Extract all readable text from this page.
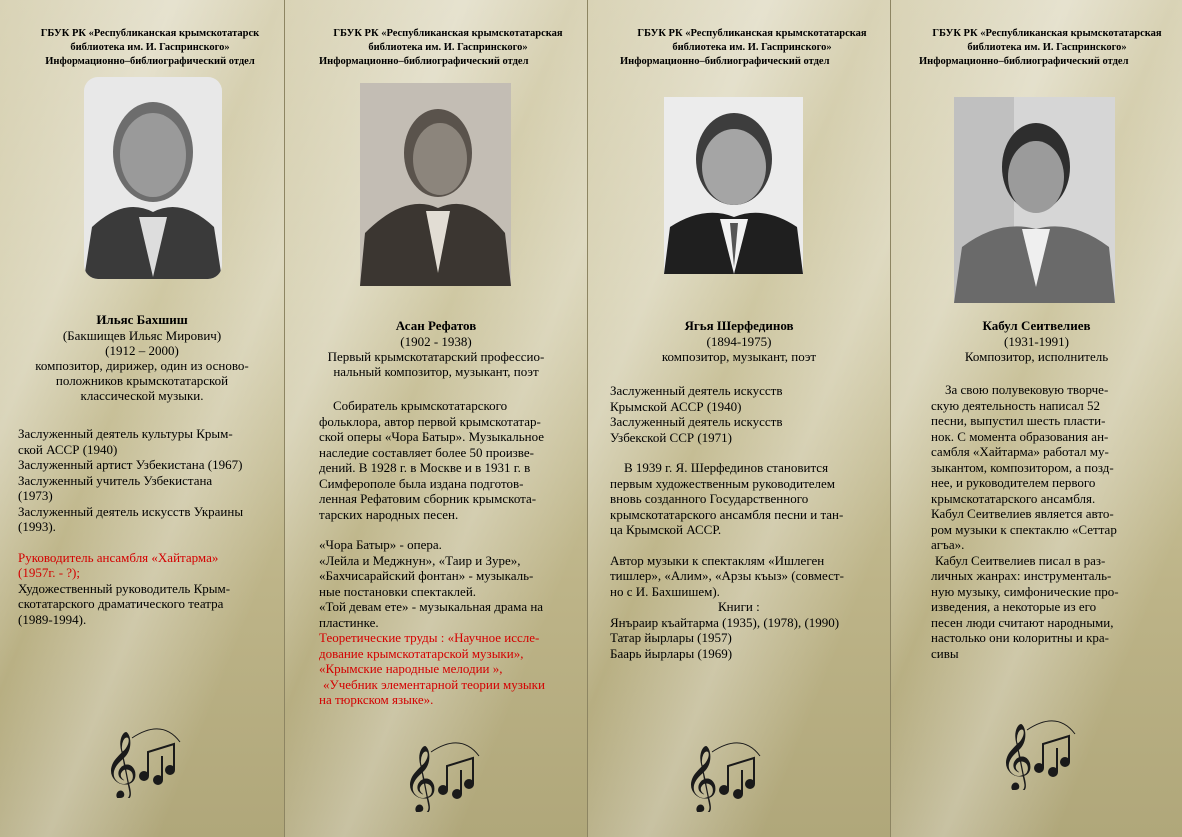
ГБУК РК «Республиканская крымскотатарск
библиотека им. И. Гаспринского»
Информационно–библиографический отдел
Ильяс Бахшиш

(Бакшищев Ильяс Мирович)

(1912 – 2000)

композитор, дирижер, один из осново-

положников крымскотатарской

классической музыки.

Заслуженный деятель культуры Крым-

ской АССР (1940)

Заслуженный артист Узбекистана (1967)

Заслуженный учитель Узбекистана

(1973)

Заслуженный деятель искусств Украины

(1993).

Руководитель ансамбля «Хайтарма»

(1957г. - ?);

Художественный руководитель Крым-

скотатарского драматического театра

(1989-1994).

𝄞
ГБУК РК «Республиканская крымскотатарская
библиотека им. И. Гаспринского»
Информационно–библиографический отдел
Асан Рефатов

(1902 - 1938)

Первый крымскотатарский профессио-

нальный композитор, музыкант, поэт

Собиратель крымскотатарского

фольклора, автор первой крымскотатар-

ской оперы «Чора Батыр». Музыкальное

наследие составляет более 50 произве-

дений. В 1928 г. в Москве и в 1931 г. в

Симферополе была издана подготов-

ленная Рефатовим сборник крымскота-

тарских народных песен.

«Чора Батыр» - опера.

«Лейла и Меджнун», «Таир и Зуре»,

«Бахчисарайский фонтан» - музыкаль-

ные постановки спектаклей.

«Той девам ете» - музыкальная драма на

пластинке.

Теоретические труды : «Научное иссле-

дование крымскотатарской музыки»,

«Крымские народные мелодии »,

«Учебник элементарной теории музыки

на тюркском языке».

𝄞
ГБУК РК «Республиканская крымскотатарская
библиотека им. И. Гаспринского»
Информационно–библиографический отдел
Ягья Шерфединов

(1894-1975)

композитор, музыкант, поэт

Заслуженный деятель искусств

Крымской АССР (1940)

Заслуженный деятель искусств

Узбекской ССР (1971)

В 1939 г. Я. Шерфединов становится

первым художественным руководителем

вновь созданного Государственного

крымскотатарского ансамбля песни и тан-

ца Крымской АССР.

Автор музыки к спектаклям «Ишлеген

тишлер», «Алим», «Арзы къыз» (совмест-

но с И. Бахшишем).

Книги :

Янъраир къайтарма (1935), (1978), (1990)

Татар йырлары (1957)

Баарь йырлары (1969)

𝄞
ГБУК РК «Республиканская крымскотатарская
библиотека им. И. Гаспринского»
Информационно–библиографический отдел
Кабул Сеитвелиев

(1931-1991)

Композитор, исполнитель

За свою полувековую творче-

скую деятельность написал 52

песни, выпустил шесть пласти-

нок. С момента образования ан-

самбля «Хайтарма» работал му-

зыкантом, композитором, а позд-

нее, и руководителем первого

крымскотатарского ансамбля.

Кабул Сеитвелиев является авто-

ром музыки к спектаклю «Сеттар

агъа».

Кабул Сеитвелиев писал в раз-

личных жанрах: инструменталь-

ную музыку, симфонические про-

изведения, а некоторые из его

песен люди считают народными,

настолько они колоритны и кра-

сивы

𝄞
